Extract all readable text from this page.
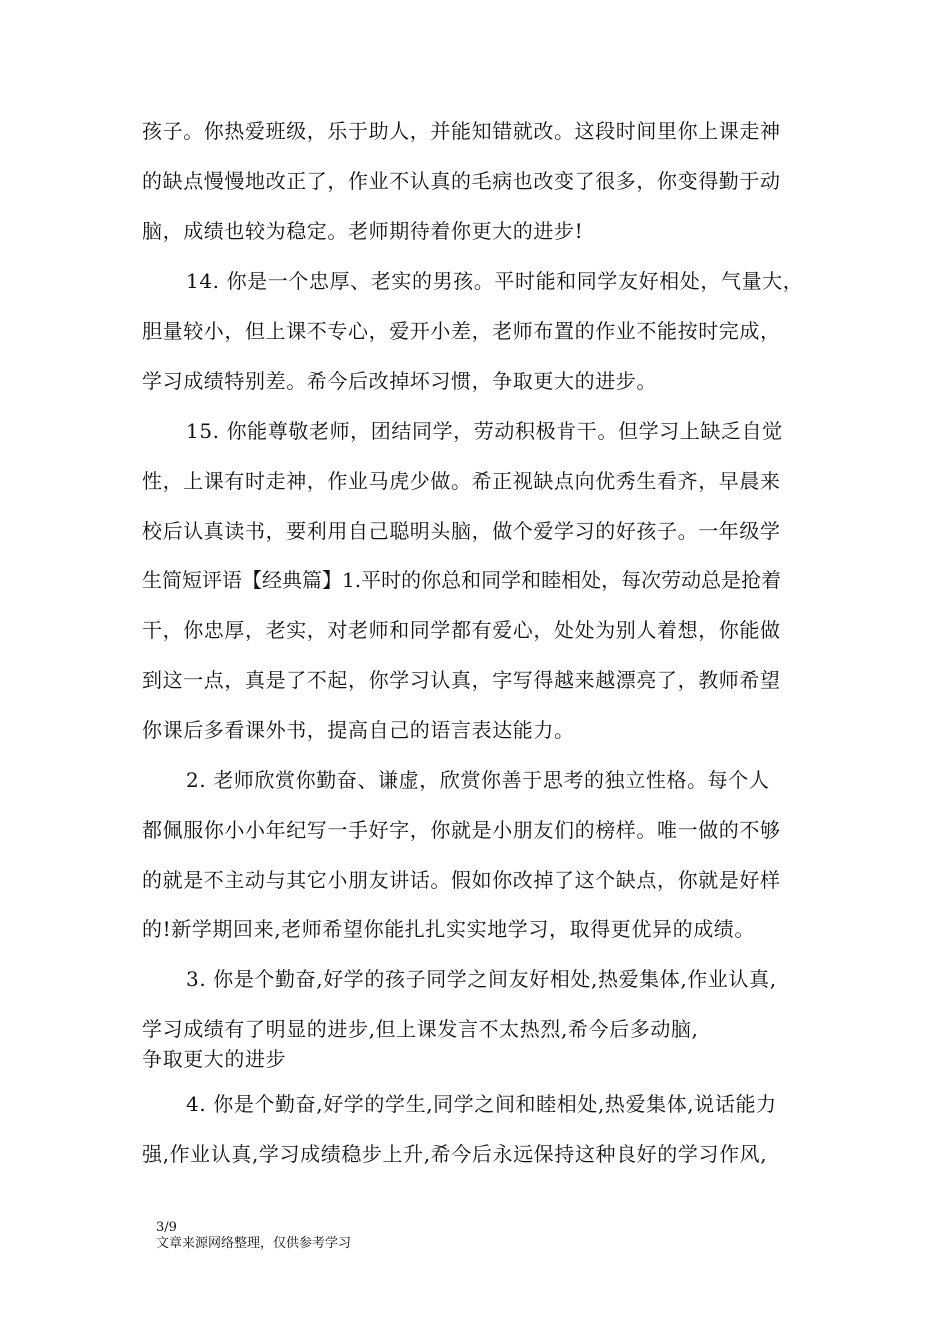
孩子。你热爱班级，乐于助人，并能知错就改。这段时间里你上课走神
的缺点慢慢地改正了，作业不认真的毛病也改变了很多，你变得勤于动
脑，成绩也较为稳定。老师期待着你更大的进步!
14. 你是一个忠厚、老实的男孩。平时能和同学友好相处，气量大，
胆量较小，但上课不专心，爱开小差，老师布置的作业不能按时完成，
学习成绩特别差。希今后改掉坏习惯，争取更大的进步。
15. 你能尊敬老师，团结同学，劳动积极肯干。但学习上缺乏自觉
性，上课有时走神，作业马虎少做。希正视缺点向优秀生看齐，早晨来
校后认真读书，要利用自己聪明头脑，做个爱学习的好孩子。一年级学
生简短评语【经典篇】1.平时的你总和同学和睦相处，每次劳动总是抢着
干，你忠厚，老实，对老师和同学都有爱心，处处为别人着想，你能做
到这一点，真是了不起，你学习认真，字写得越来越漂亮了，教师希望
你课后多看课外书，提高自己的语言表达能力。
2. 老师欣赏你勤奋、谦虚，欣赏你善于思考的独立性格。每个人
都佩服你小小年纪写一手好字，你就是小朋友们的榜样。唯一做的不够
的就是不主动与其它小朋友讲话。假如你改掉了这个缺点，你就是好样
的!新学期回来,老师希望你能扎扎实实地学习，取得更优异的成绩。
3. 你是个勤奋,好学的孩子同学之间友好相处,热爱集体,作业认真,
学习成绩有了明显的进步,但上课发言不太热烈,希今后多动脑,
争取更大的进步
4. 你是个勤奋,好学的学生,同学之间和睦相处,热爱集体,说话能力
强,作业认真,学习成绩稳步上升,希今后永远保持这种良好的学习作风,
3/9
文章来源网络整理，仅供参考学习
